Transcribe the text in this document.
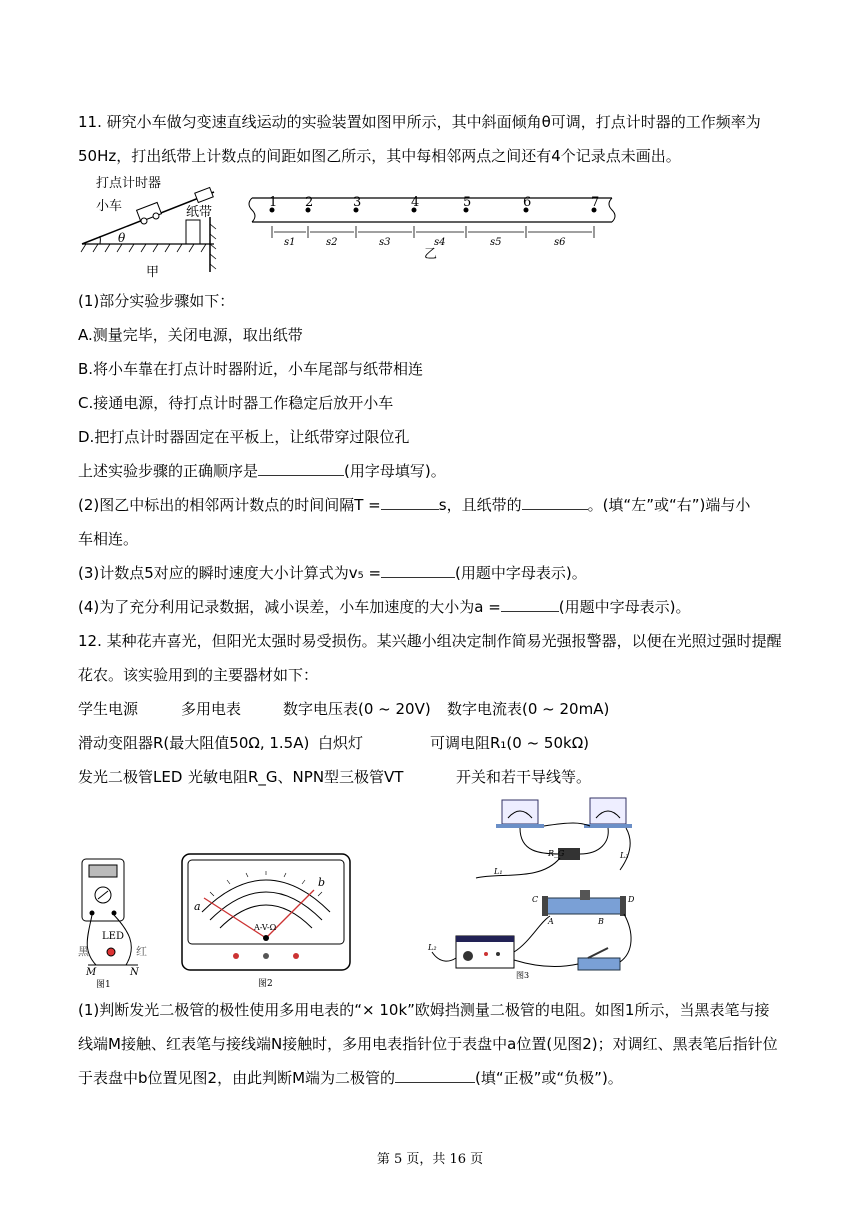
11. 研究小车做匀变速直线运动的实验装置如图甲所示，其中斜面倾角θ可调，打点计时器的工作频率为
50Hz，打出纸带上计数点的间距如图乙所示，其中每相邻两点之间还有4个记录点未画出。
打点计时器
小车	纸带
θ
甲
1 2	3	4	5	6	7
s1	s2	s3	s4	s5	s6
乙
(1)部分实验步骤如下：
A.测量完毕，关闭电源，取出纸带
B.将小车靠在打点计时器附近，小车尾部与纸带相连
C.接通电源，待打点计时器工作稳定后放开小车
D.把打点计时器固定在平板上，让纸带穿过限位孔
上述实验步骤的正确顺序是	(用字母填写)。
(2)图乙中标出的相邻两计数点的时间间隔T =	s，且纸带的	。(填“左”或“右”)端与小
车相连。
(3)计数点5对应的瞬时速度大小计算式为v₅ =	(用题中字母表示)。
(4)为了充分利用记录数据，减小误差，小车加速度的大小为a =	(用题中字母表示)。
12. 某种花卉喜光，但阳光太强时易受损伤。某兴趣小组决定制作简易光强报警器，以便在光照过强时提醒
花农。该实验用到的主要器材如下：
学生电源	多用电表	数字电压表(0 ~ 20V) 数字电流表(0 ~ 20mA)
滑动变阻器R(最大阻值50Ω, 1.5A) 白炽灯	可调电阻R₁(0 ~ 50kΩ)
发光二极管LED 光敏电阻R_G、NPN型三极管VT	开关和若干导线等。
LED
黑	红
M	N
图1
a
b
A-V-Ω
图2
L₁
L₃
R_G
C	D
A	B
L₂
图3
(1)判断发光二极管的极性使用多用电表的“× 10k”欧姆挡测量二极管的电阻。如图1所示，当黑表笔与接
线端M接触、红表笔与接线端N接触时，多用电表指针位于表盘中a位置(见图2)；对调红、黑表笔后指针位
于表盘中b位置见图2，由此判断M端为二极管的	(填“正极”或“负极”)。
第 5 页，共 16 页
